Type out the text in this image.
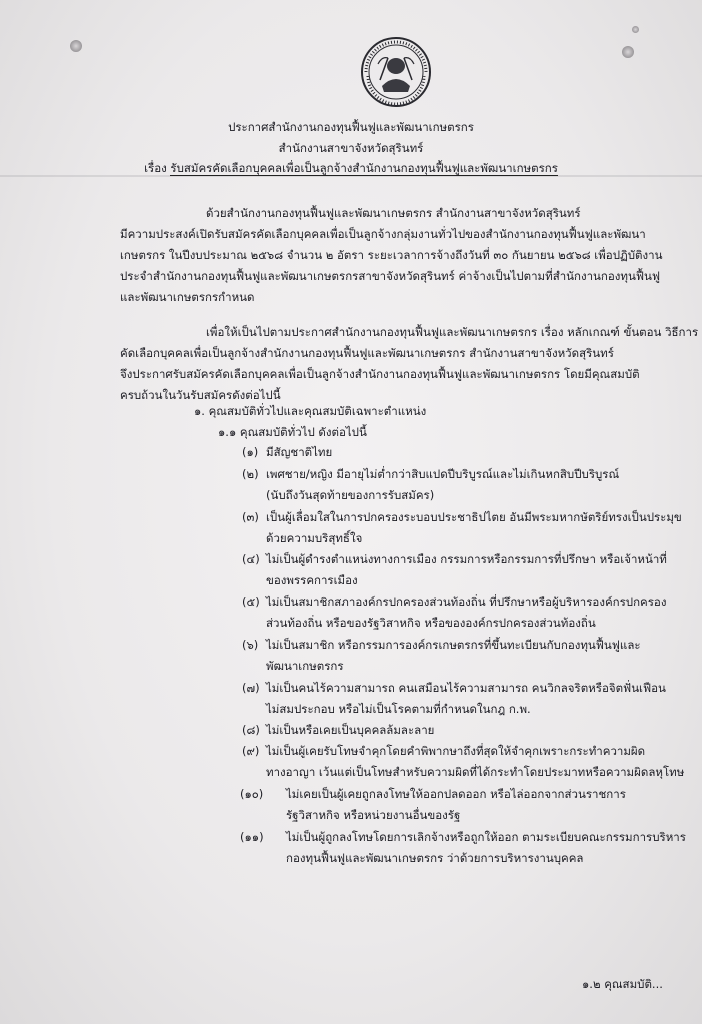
ประกาศสำนักงานกองทุนฟื้นฟูและพัฒนาเกษตรกร
สำนักงานสาขาจังหวัดสุรินทร์
เรื่อง รับสมัครคัดเลือกบุคคลเพื่อเป็นลูกจ้างสำนักงานกองทุนฟื้นฟูและพัฒนาเกษตรกร
ด้วยสำนักงานกองทุนฟื้นฟูและพัฒนาเกษตรกร สำนักงานสาขาจังหวัดสุรินทร์
มีความประสงค์เปิดรับสมัครคัดเลือกบุคคลเพื่อเป็นลูกจ้างกลุ่มงานทั่วไปของสำนักงานกองทุนฟื้นฟูและพัฒนา
เกษตรกร ในปีงบประมาณ ๒๕๖๘ จำนวน ๒ อัตรา ระยะเวลาการจ้างถึงวันที่ ๓๐ กันยายน ๒๕๖๘ เพื่อปฏิบัติงาน
ประจำสำนักงานกองทุนฟื้นฟูและพัฒนาเกษตรกรสาขาจังหวัดสุรินทร์ ค่าจ้างเป็นไปตามที่สำนักงานกองทุนฟื้นฟู
และพัฒนาเกษตรกรกำหนด
เพื่อให้เป็นไปตามประกาศสำนักงานกองทุนฟื้นฟูและพัฒนาเกษตรกร เรื่อง หลักเกณฑ์ ขั้นตอน วิธีการ
คัดเลือกบุคคลเพื่อเป็นลูกจ้างสำนักงานกองทุนฟื้นฟูและพัฒนาเกษตรกร สำนักงานสาขาจังหวัดสุรินทร์
จึงประกาศรับสมัครคัดเลือกบุคคลเพื่อเป็นลูกจ้างสำนักงานกองทุนฟื้นฟูและพัฒนาเกษตรกร โดยมีคุณสมบัติ
ครบถ้วนในวันรับสมัครดังต่อไปนี้
๑. คุณสมบัติทั่วไปและคุณสมบัติเฉพาะตำแหน่ง
๑.๑ คุณสมบัติทั่วไป ดังต่อไปนี้
(๑) มีสัญชาติไทย
(๒) เพศชาย/หญิง มีอายุไม่ต่ำกว่าสิบแปดปีบริบูรณ์และไม่เกินหกสิบปีบริบูรณ์
(นับถึงวันสุดท้ายของการรับสมัคร)
(๓) เป็นผู้เลื่อมใสในการปกครองระบอบประชาธิปไตย อันมีพระมหากษัตริย์ทรงเป็นประมุข
ด้วยความบริสุทธิ์ใจ
(๔) ไม่เป็นผู้ดำรงตำแหน่งทางการเมือง กรรมการหรือกรรมการที่ปรึกษา หรือเจ้าหน้าที่
ของพรรคการเมือง
(๕) ไม่เป็นสมาชิกสภาองค์กรปกครองส่วนท้องถิ่น ที่ปรึกษาหรือผู้บริหารองค์กรปกครอง
ส่วนท้องถิ่น หรือของรัฐวิสาหกิจ หรือขององค์กรปกครองส่วนท้องถิ่น
(๖) ไม่เป็นสมาชิก หรือกรรมการองค์กรเกษตรกรที่ขึ้นทะเบียนกับกองทุนฟื้นฟูและ
พัฒนาเกษตรกร
(๗) ไม่เป็นคนไร้ความสามารถ คนเสมือนไร้ความสามารถ คนวิกลจริตหรือจิตฟั่นเฟือน
ไม่สมประกอบ หรือไม่เป็นโรคตามที่กำหนดในกฎ ก.พ.
(๘) ไม่เป็นหรือเคยเป็นบุคคลล้มละลาย
(๙) ไม่เป็นผู้เคยรับโทษจำคุกโดยคำพิพากษาถึงที่สุดให้จำคุกเพราะกระทำความผิด
ทางอาญา เว้นแต่เป็นโทษสำหรับความผิดที่ได้กระทำโดยประมาทหรือความผิดลหุโทษ
(๑๐) ไม่เคยเป็นผู้เคยถูกลงโทษให้ออกปลดออก หรือไล่ออกจากส่วนราชการ
รัฐวิสาหกิจ หรือหน่วยงานอื่นของรัฐ
(๑๑) ไม่เป็นผู้ถูกลงโทษโดยการเลิกจ้างหรือถูกให้ออก ตามระเบียบคณะกรรมการบริหาร
กองทุนฟื้นฟูและพัฒนาเกษตรกร ว่าด้วยการบริหารงานบุคคล
๑.๒ คุณสมบัติ...
